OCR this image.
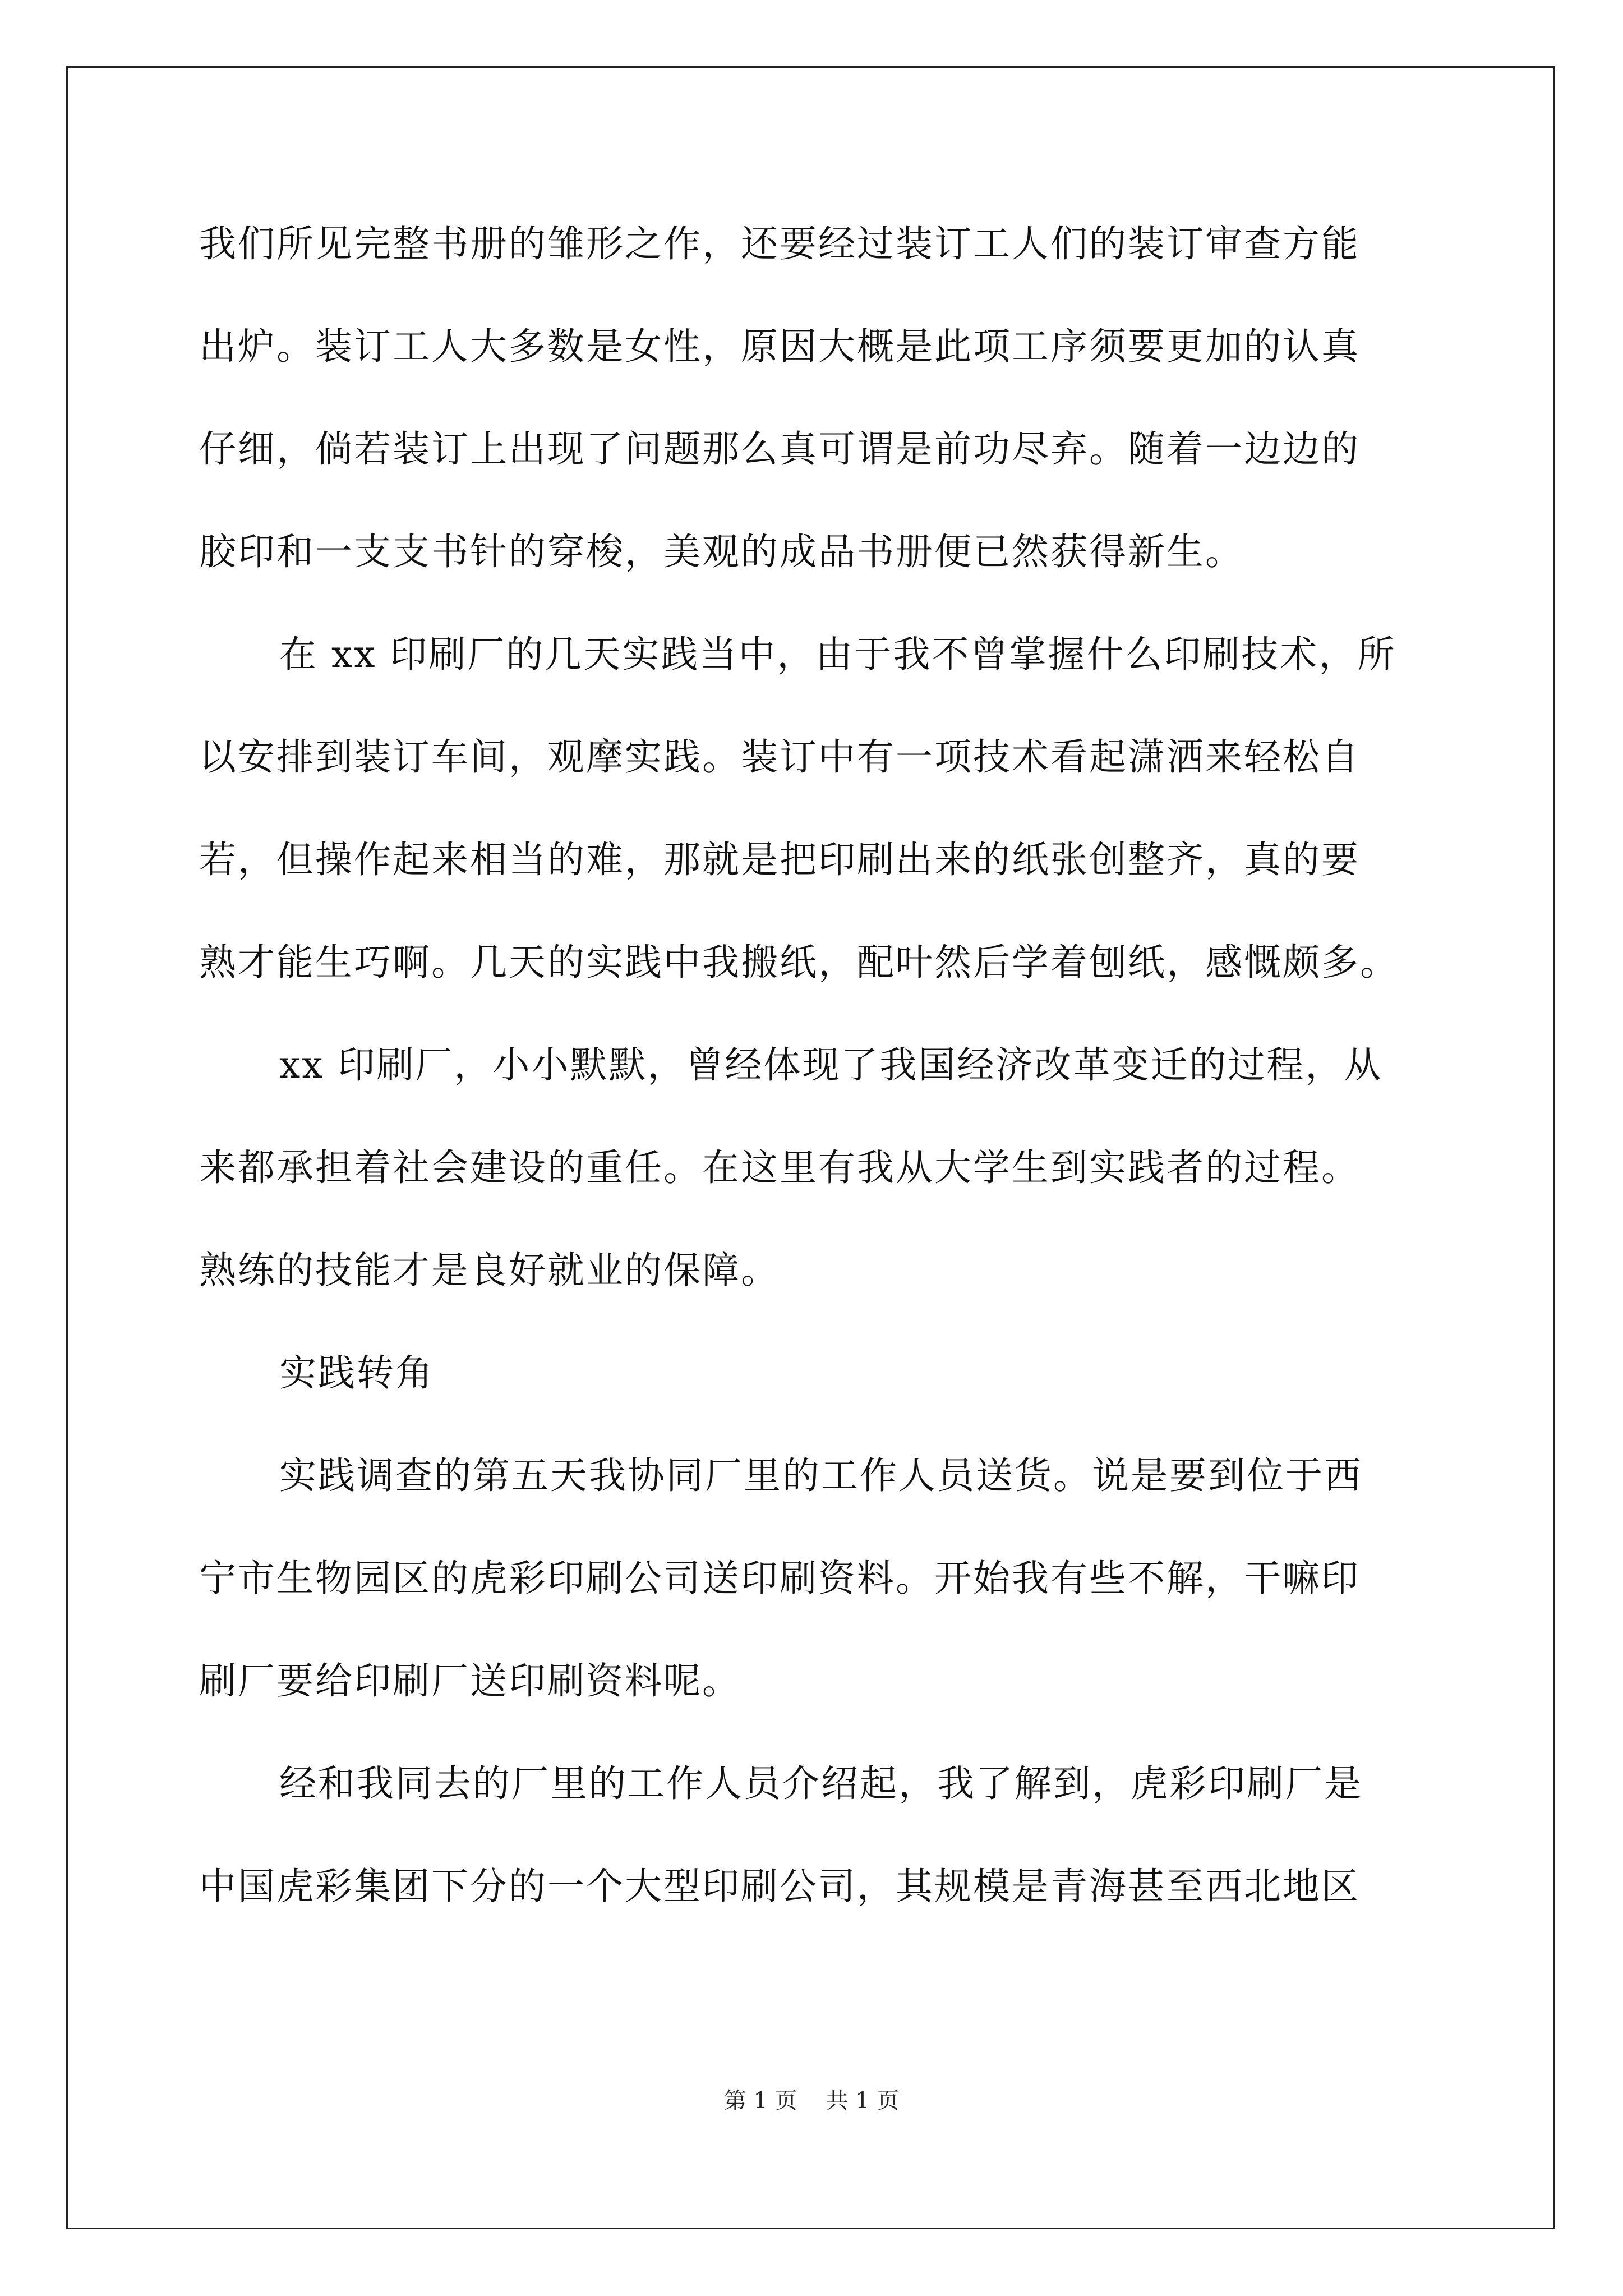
我们所见完整书册的雏形之作，还要经过装订工人们的装订审查方能
出炉。装订工人大多数是女性，原因大概是此项工序须要更加的认真
仔细，倘若装订上出现了问题那么真可谓是前功尽弃。随着一边边的
胶印和一支支书针的穿梭，美观的成品书册便已然获得新生。
在 xx 印刷厂的几天实践当中，由于我不曾掌握什么印刷技术，所
以安排到装订车间，观摩实践。装订中有一项技术看起潇洒来轻松自
若，但操作起来相当的难，那就是把印刷出来的纸张创整齐，真的要
熟才能生巧啊。几天的实践中我搬纸，配叶然后学着刨纸，感慨颇多。
xx 印刷厂，小小默默，曾经体现了我国经济改革变迁的过程，从
来都承担着社会建设的重任。在这里有我从大学生到实践者的过程。
熟练的技能才是良好就业的保障。
实践转角
实践调查的第五天我协同厂里的工作人员送货。说是要到位于西
宁市生物园区的虎彩印刷公司送印刷资料。开始我有些不解，干嘛印
刷厂要给印刷厂送印刷资料呢。
经和我同去的厂里的工作人员介绍起，我了解到，虎彩印刷厂是
中国虎彩集团下分的一个大型印刷公司，其规模是青海甚至西北地区
第 1 页    共 1 页
